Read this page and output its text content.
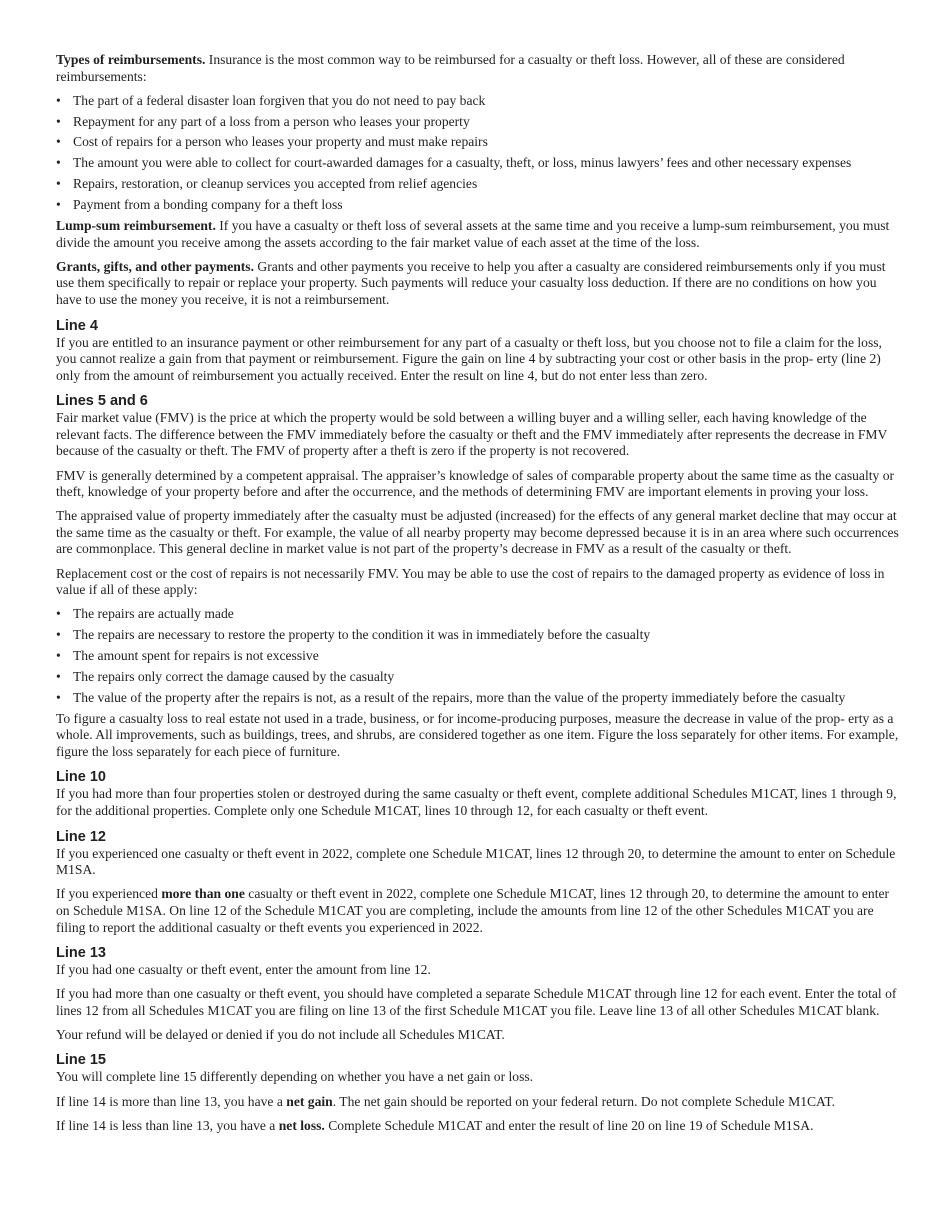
Types of reimbursements. Insurance is the most common way to be reimbursed for a casualty or theft loss. However, all of these are considered reimbursements:

• The part of a federal disaster loan forgiven that you do not need to pay back
• Repayment for any part of a loss from a person who leases your property
• Cost of repairs for a person who leases your property and must make repairs
• The amount you were able to collect for court-awarded damages for a casualty, theft, or loss, minus lawyers’ fees and other necessary expenses
• Repairs, restoration, or cleanup services you accepted from relief agencies
• Payment from a bonding company for a theft loss

Lump-sum reimbursement. If you have a casualty or theft loss of several assets at the same time and you receive a lump-sum reimbursement, you must divide the amount you receive among the assets according to the fair market value of each asset at the time of the loss.

Grants, gifts, and other payments. Grants and other payments you receive to help you after a casualty are considered reimbursements only if you must use them specifically to repair or replace your property. Such payments will reduce your casualty loss deduction. If there are no conditions on how you have to use the money you receive, it is not a reimbursement.

Line 4

If you are entitled to an insurance payment or other reimbursement for any part of a casualty or theft loss, but you choose not to file a claim for the loss, you cannot realize a gain from that payment or reimbursement. Figure the gain on line 4 by subtracting your cost or other basis in the prop- erty (line 2) only from the amount of reimbursement you actually received. Enter the result on line 4, but do not enter less than zero.

Lines 5 and 6

Fair market value (FMV) is the price at which the property would be sold between a willing buyer and a willing seller, each having knowledge of the relevant facts. The difference between the FMV immediately before the casualty or theft and the FMV immediately after represents the decrease in FMV because of the casualty or theft. The FMV of property after a theft is zero if the property is not recovered.

FMV is generally determined by a competent appraisal. The appraiser’s knowledge of sales of comparable property about the same time as the casualty or theft, knowledge of your property before and after the occurrence, and the methods of determining FMV are important elements in proving your loss.

The appraised value of property immediately after the casualty must be adjusted (increased) for the effects of any general market decline that may occur at the same time as the casualty or theft. For example, the value of all nearby property may become depressed because it is in an area where such occurrences are commonplace. This general decline in market value is not part of the property’s decrease in FMV as a result of the casualty or theft.

Replacement cost or the cost of repairs is not necessarily FMV. You may be able to use the cost of repairs to the damaged property as evidence of loss in value if all of these apply:

• The repairs are actually made
• The repairs are necessary to restore the property to the condition it was in immediately before the casualty
• The amount spent for repairs is not excessive
• The repairs only correct the damage caused by the casualty
• The value of the property after the repairs is not, as a result of the repairs, more than the value of the property immediately before the casualty

To figure a casualty loss to real estate not used in a trade, business, or for income-producing purposes, measure the decrease in value of the prop- erty as a whole. All improvements, such as buildings, trees, and shrubs, are considered together as one item. Figure the loss separately for other items. For example, figure the loss separately for each piece of furniture.

Line 10

If you had more than four properties stolen or destroyed during the same casualty or theft event, complete additional Schedules M1CAT, lines 1 through 9, for the additional properties. Complete only one Schedule M1CAT, lines 10 through 12, for each casualty or theft event.

Line 12

If you experienced one casualty or theft event in 2022, complete one Schedule M1CAT, lines 12 through 20, to determine the amount to enter on Schedule M1SA.

If you experienced more than one casualty or theft event in 2022, complete one Schedule M1CAT, lines 12 through 20, to determine the amount to enter on Schedule M1SA. On line 12 of the Schedule M1CAT you are completing, include the amounts from line 12 of the other Schedules M1CAT you are filing to report the additional casualty or theft events you experienced in 2022.

Line 13

If you had one casualty or theft event, enter the amount from line 12.

If you had more than one casualty or theft event, you should have completed a separate Schedule M1CAT through line 12 for each event. Enter the total of lines 12 from all Schedules M1CAT you are filing on line 13 of the first Schedule M1CAT you file. Leave line 13 of all other Schedules M1CAT blank.

Your refund will be delayed or denied if you do not include all Schedules M1CAT.

Line 15

You will complete line 15 differently depending on whether you have a net gain or loss.

If line 14 is more than line 13, you have a net gain. The net gain should be reported on your federal return. Do not complete Schedule M1CAT.

If line 14 is less than line 13, you have a net loss. Complete Schedule M1CAT and enter the result of line 20 on line 19 of Schedule M1SA.
